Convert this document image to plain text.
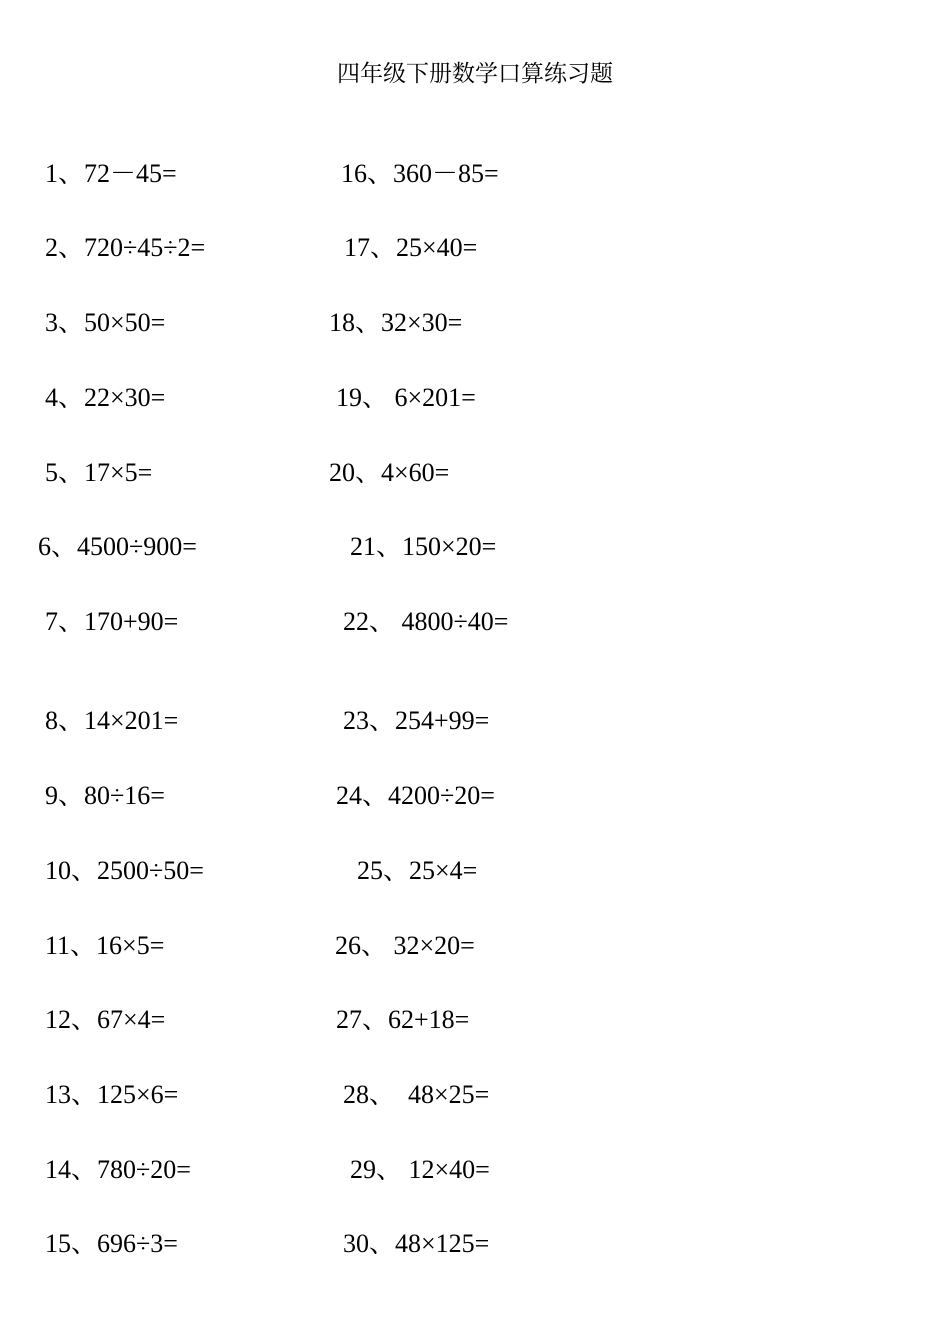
四年级下册数学口算练习题
1、72－45=
2、720÷45÷2=
3、50×50=
4、22×30=
5、17×5=
6、4500÷900=
7、170+90=
8、14×201=
9、80÷16=
10、2500÷50=
11、16×5=
12、67×4=
13、125×6=
14、780÷20=
15、696÷3=
16、360－85=
17、25×40=
18、32×30=
19、 6×201=
20、4×60=
21、150×20=
22、 4800÷40=
23、254+99=
24、4200÷20=
25、25×4=
26、 32×20=
27、62+18=
28、  48×25=
29、 12×40=
30、48×125=
